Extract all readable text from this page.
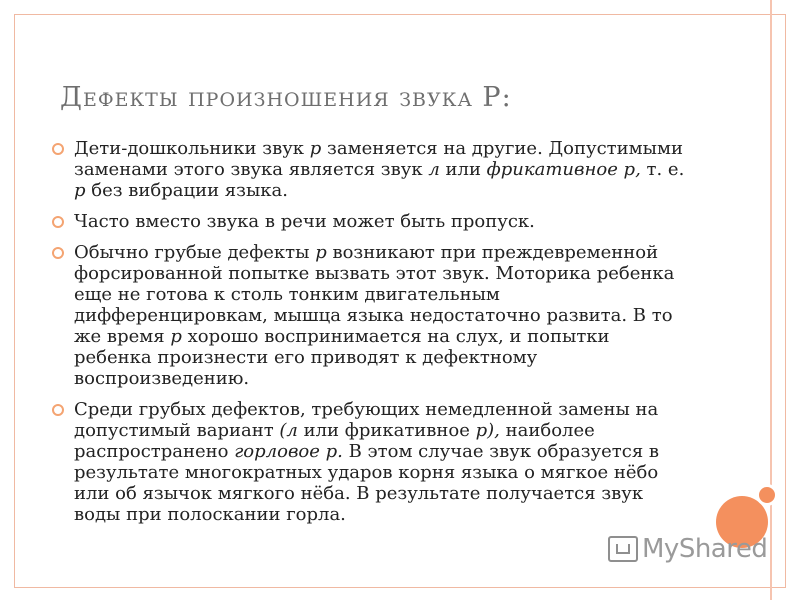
Дефекты произношения звука Р:
Дети-дошкольники звук р заменяется на другие. Допустимыми заменами этого звука является звук л или фрикативное р, т. е. р без вибрации языка.
Часто вместо звука в речи может быть пропуск.
Обычно грубые дефекты р возникают при преждевременной форсированной попытке вызвать этот звук. Моторика ребенка еще не готова к столь тонким двигательным дифференцировкам, мышца языка недостаточно развита. В то же время р хорошо воспринимается на слух, и попытки ребенка произнести его приводят к дефектному воспроизведению.
Среди грубых дефектов, требующих немедленной замены на допустимый вариант (л или фрикативное р), наиболее распространено горловое р. В этом случае звук образуется в результате многократных ударов корня языка о мягкое нёбо или об язычок мягкого нёба. В результате получается звук воды при полоскании горла.
MyShared
